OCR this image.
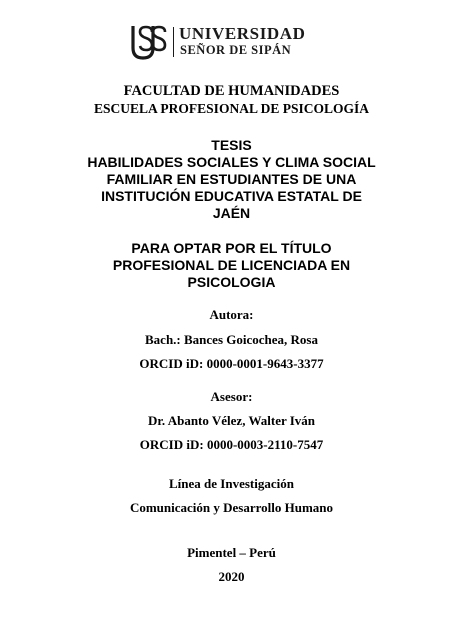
UNIVERSIDAD
SEÑOR DE SIPÁN
FACULTAD DE HUMANIDADES
ESCUELA PROFESIONAL DE PSICOLOGÍA
TESIS
HABILIDADES SOCIALES Y CLIMA SOCIAL
FAMILIAR EN ESTUDIANTES DE UNA
INSTITUCIÓN EDUCATIVA ESTATAL DE
JAÉN
PARA OPTAR POR EL TÍTULO
PROFESIONAL DE LICENCIADA EN
PSICOLOGIA
Autora:
Bach.: Bances Goicochea, Rosa
ORCID iD: 0000-0001-9643-3377
Asesor:
Dr. Abanto Vélez, Walter Iván
ORCID iD: 0000-0003-2110-7547
Línea de Investigación
Comunicación y Desarrollo Humano
Pimentel – Perú
2020
